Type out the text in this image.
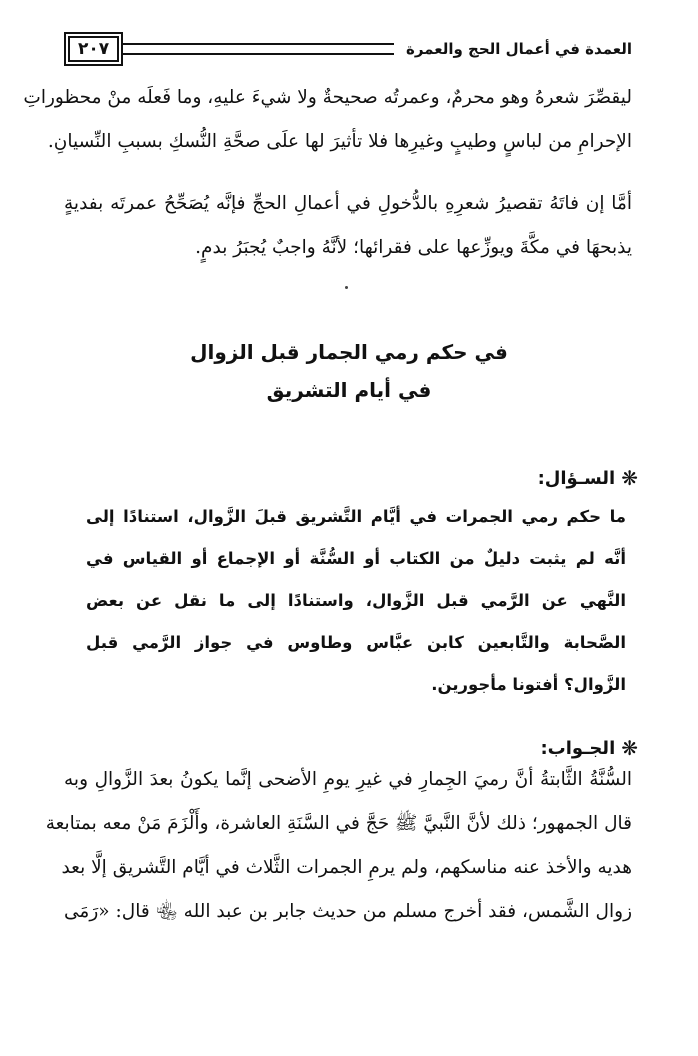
العمدة في أعمال الحج والعمرة
٢٠٧
ليقصِّرَ شعرهُ وهو محرمٌ، وعمرتُه صحيحةٌ ولا شيءَ عليهِ، وما فَعلَه منْ محظوراتِ
الإحرامِ من لباسٍ وطيبٍ وغيرِها فلا تأثيرَ لها علَى صحَّةِ النُّسكِ بسببِ النِّسيانِ.
أمَّا إن فاتَهُ تقصيرُ شعرِهِ بالدُّخولِ في أعمالِ الحجِّ فإنَّه يُصَحِّحُ عمرتَه بفديةٍ
يذبحهَا في مكَّةَ ويوزِّعها على فقرائها؛ لأنَّهُ واجبٌ يُجبَرُ بدمٍ.
في حكم رمي الجمار قبل الزوال
في أيام التشريق
❋
السـؤال:
ما حكم رمي الجمرات في أيَّام التَّشريق قبلَ الزَّوال، استنادًا إلى
أنَّه لم يثبت دليلٌ من الكتاب أو السُّنَّة أو الإجماع أو القياس في
النَّهي عن الرَّمي قبل الزَّوال، واستنادًا إلى ما نقل عن بعض
الصَّحابة والتَّابعين كابن عبَّاس وطاوس في جواز الرَّمي قبل
الزَّوال؟ أفتونا مأجورين.
❋
الجـواب:
السُّنَّةُ الثَّابتةُ أنَّ رميَ الجِمارِ في غيرِ يومِ الأضحى إنَّما يكونُ بعدَ الزَّوالِ وبه
قال الجمهور؛ ذلك لأنَّ النَّبيَّ ﷺ حَجَّ في السَّنَةِ العاشرة، وأَلْزَمَ مَنْ معه بمتابعة
هديه والأخذ عنه مناسكهم، ولم يرمِ الجمرات الثَّلاث في أيَّام التَّشريق إلَّا بعد
زوال الشَّمس، فقد أخرج مسلم من حديث جابر بن عبد الله ﵄ قال: «رَمَى
